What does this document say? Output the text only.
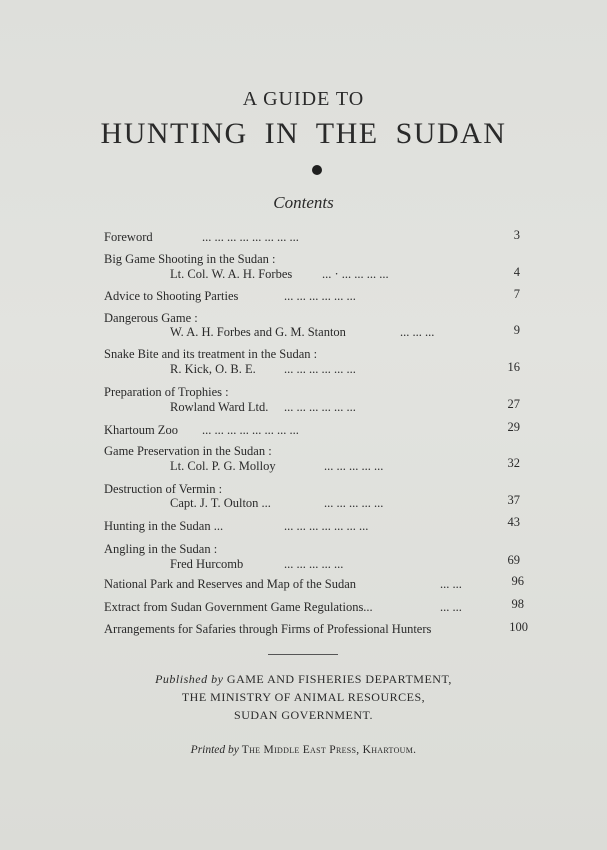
A GUIDE TO
HUNTING IN THE SUDAN
Contents
Foreword	... ... ... ... ... ... ... ...	3
Big Game Shooting in the Sudan :
Lt. Col. W. A. H. Forbes ... · ... ... ... ...	4
Advice to Shooting Parties	... ... ... ... ... ...	7
Dangerous Game :
W. A. H. Forbes and G. M. Stanton	... ... ...	9
Snake Bite and its treatment in the Sudan :
R. Kick, O. B. E. ... ... ... ... ... ...	16
Preparation of Trophies :
Rowland Ward Ltd. ... ... ... ... ... ...	27
Khartoum Zoo ... ... ... ... ... ... ... ...	29
Game Preservation in the Sudan :
Lt. Col. P. G. Molloy	... ... ... ... ...	32
Destruction of Vermin :
Capt. J. T. Oulton ...	... ... ... ... ...	37
Hunting in the Sudan ...	... ... ... ... ... ... ...	43
Angling in the Sudan :
Fred Hurcomb	... ... ... ... ...	69
National Park and Reserves and Map of the Sudan	... ...	96
Extract from Sudan Government Game Regulations...	... ...	98
Arrangements for Safaries through Firms of Professional Hunters	100
Published by GAME AND FISHERIES DEPARTMENT,
THE MINISTRY OF ANIMAL RESOURCES,
SUDAN GOVERNMENT.
Printed by The Middle East Press, Khartoum.
